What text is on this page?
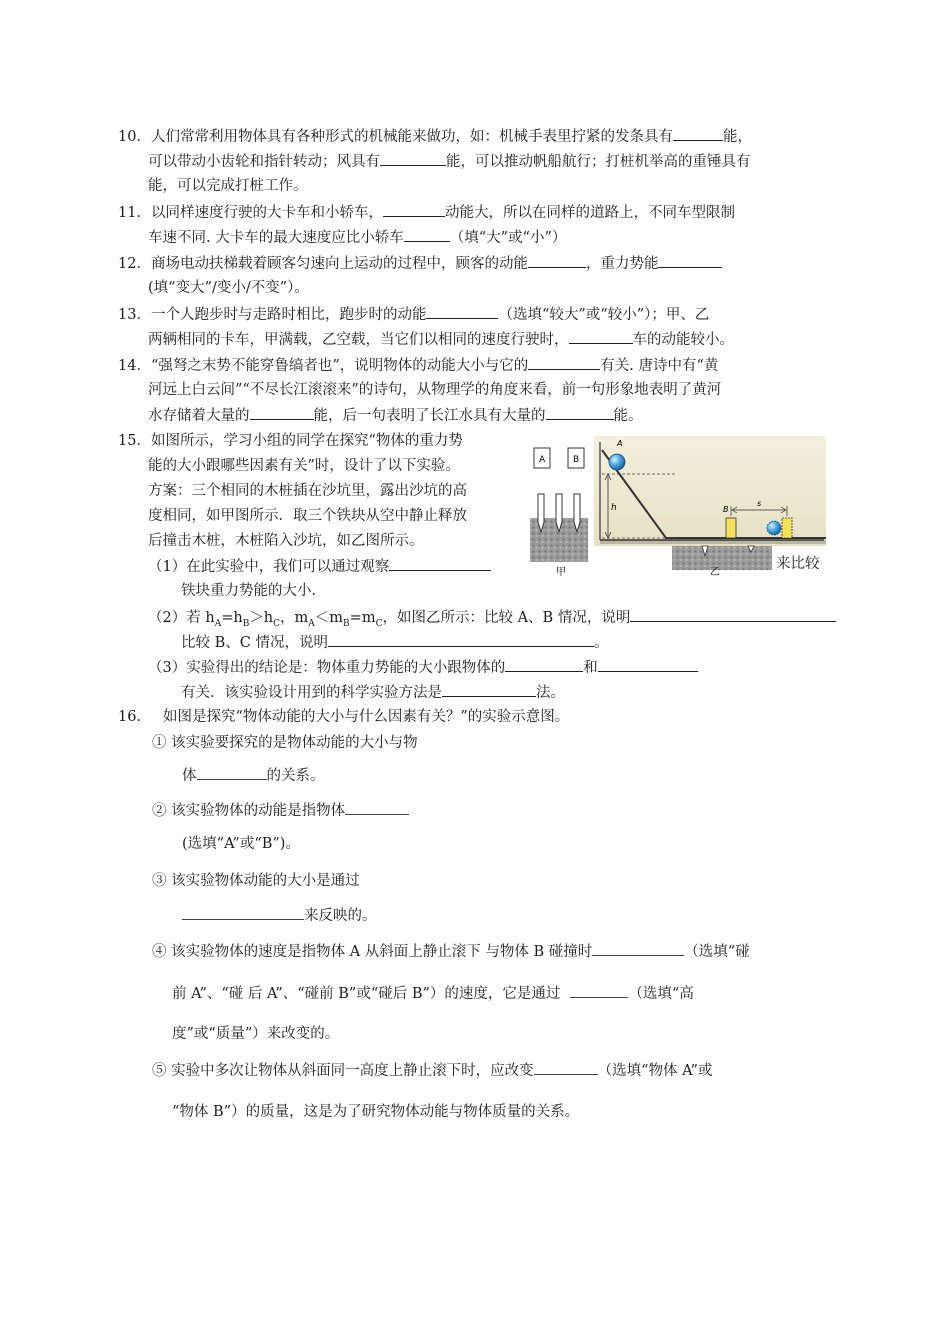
10．人们常常利用物体具有各种形式的机械能来做功，如：机械手表里拧紧的发条具有	能，
可以带动小齿轮和指针转动；风具有	能，可以推动帆船航行；打桩机举高的重锤具有
能，可以完成打桩工作。
11．以同样速度行驶的大卡车和小轿车，	动能大，所以在同样的道路上，不同车型限制
车速不同. 大卡车的最大速度应比小轿车	（填“大”或“小”）
12．商场电动扶梯载着顾客匀速向上运动的过程中，顾客的动能	，重力势能
(填“变大”/变小/不变”）。
13．一个人跑步时与走路时相比，跑步时的动能	（选填“较大”或“较小”）；甲、乙
两辆相同的卡车，甲满载，乙空载，当它们以相同的速度行驶时，	车的动能较小。
14．“强弩之末势不能穿鲁缟者也”，说明物体的动能大小与它的	有关. 唐诗中有“黄
河远上白云间”“不尽长江滚滚来”的诗句，从物理学的角度来看，前一句形象地表明了黄河
水存储着大量的	能，后一句表明了长江水具有大量的	能。
15．如图所示，学习小组的同学在探究“物体的重力势
能的大小跟哪些因素有关”时，设计了以下实验。
方案：三个相同的木桩插在沙坑里，露出沙坑的高
度相同，如甲图所示．取三个铁块从空中静止释放
后撞击木桩，木桩陷入沙坑，如乙图所示。
A	B
h
A
B
s
甲	乙
（1）在此实验中，我们可以通过观察	来比较
铁块重力势能的大小.
（2）若 $h_A=h_B>h_C$，$m_A<m_B=m_C$，如图乙所示：比较 A、B 情况，说明
比较 B、C 情况，说明	。
（3）实验得出的结论是：物体重力势能的大小跟物体的	和
有关．该实验设计用到的科学实验方法是	法。
16． 如图是探究“物体动能的大小与什么因素有关？”的实验示意图。
① 该实验要探究的是物体动能的大小与物
体	的关系。
② 该实验物体的动能是指物体
(选填“A”或“B”)。
③ 该实验物体动能的大小是通过
来反映的。
④ 该实验物体的速度是指物体 A 从斜面上静止滚下 与物体 B 碰撞时	（选填“碰
前 A”、“碰 后 A”、“碰前 B”或“碰后 B”）的速度，它是通过	（选填“高
度”或“质量”）来改变的。
⑤ 实验中多次让物体从斜面同一高度上静止滚下时，应改变	（选填“物体 A”或
“物体 B”）的质量，这是为了研究物体动能与物体质量的关系。
